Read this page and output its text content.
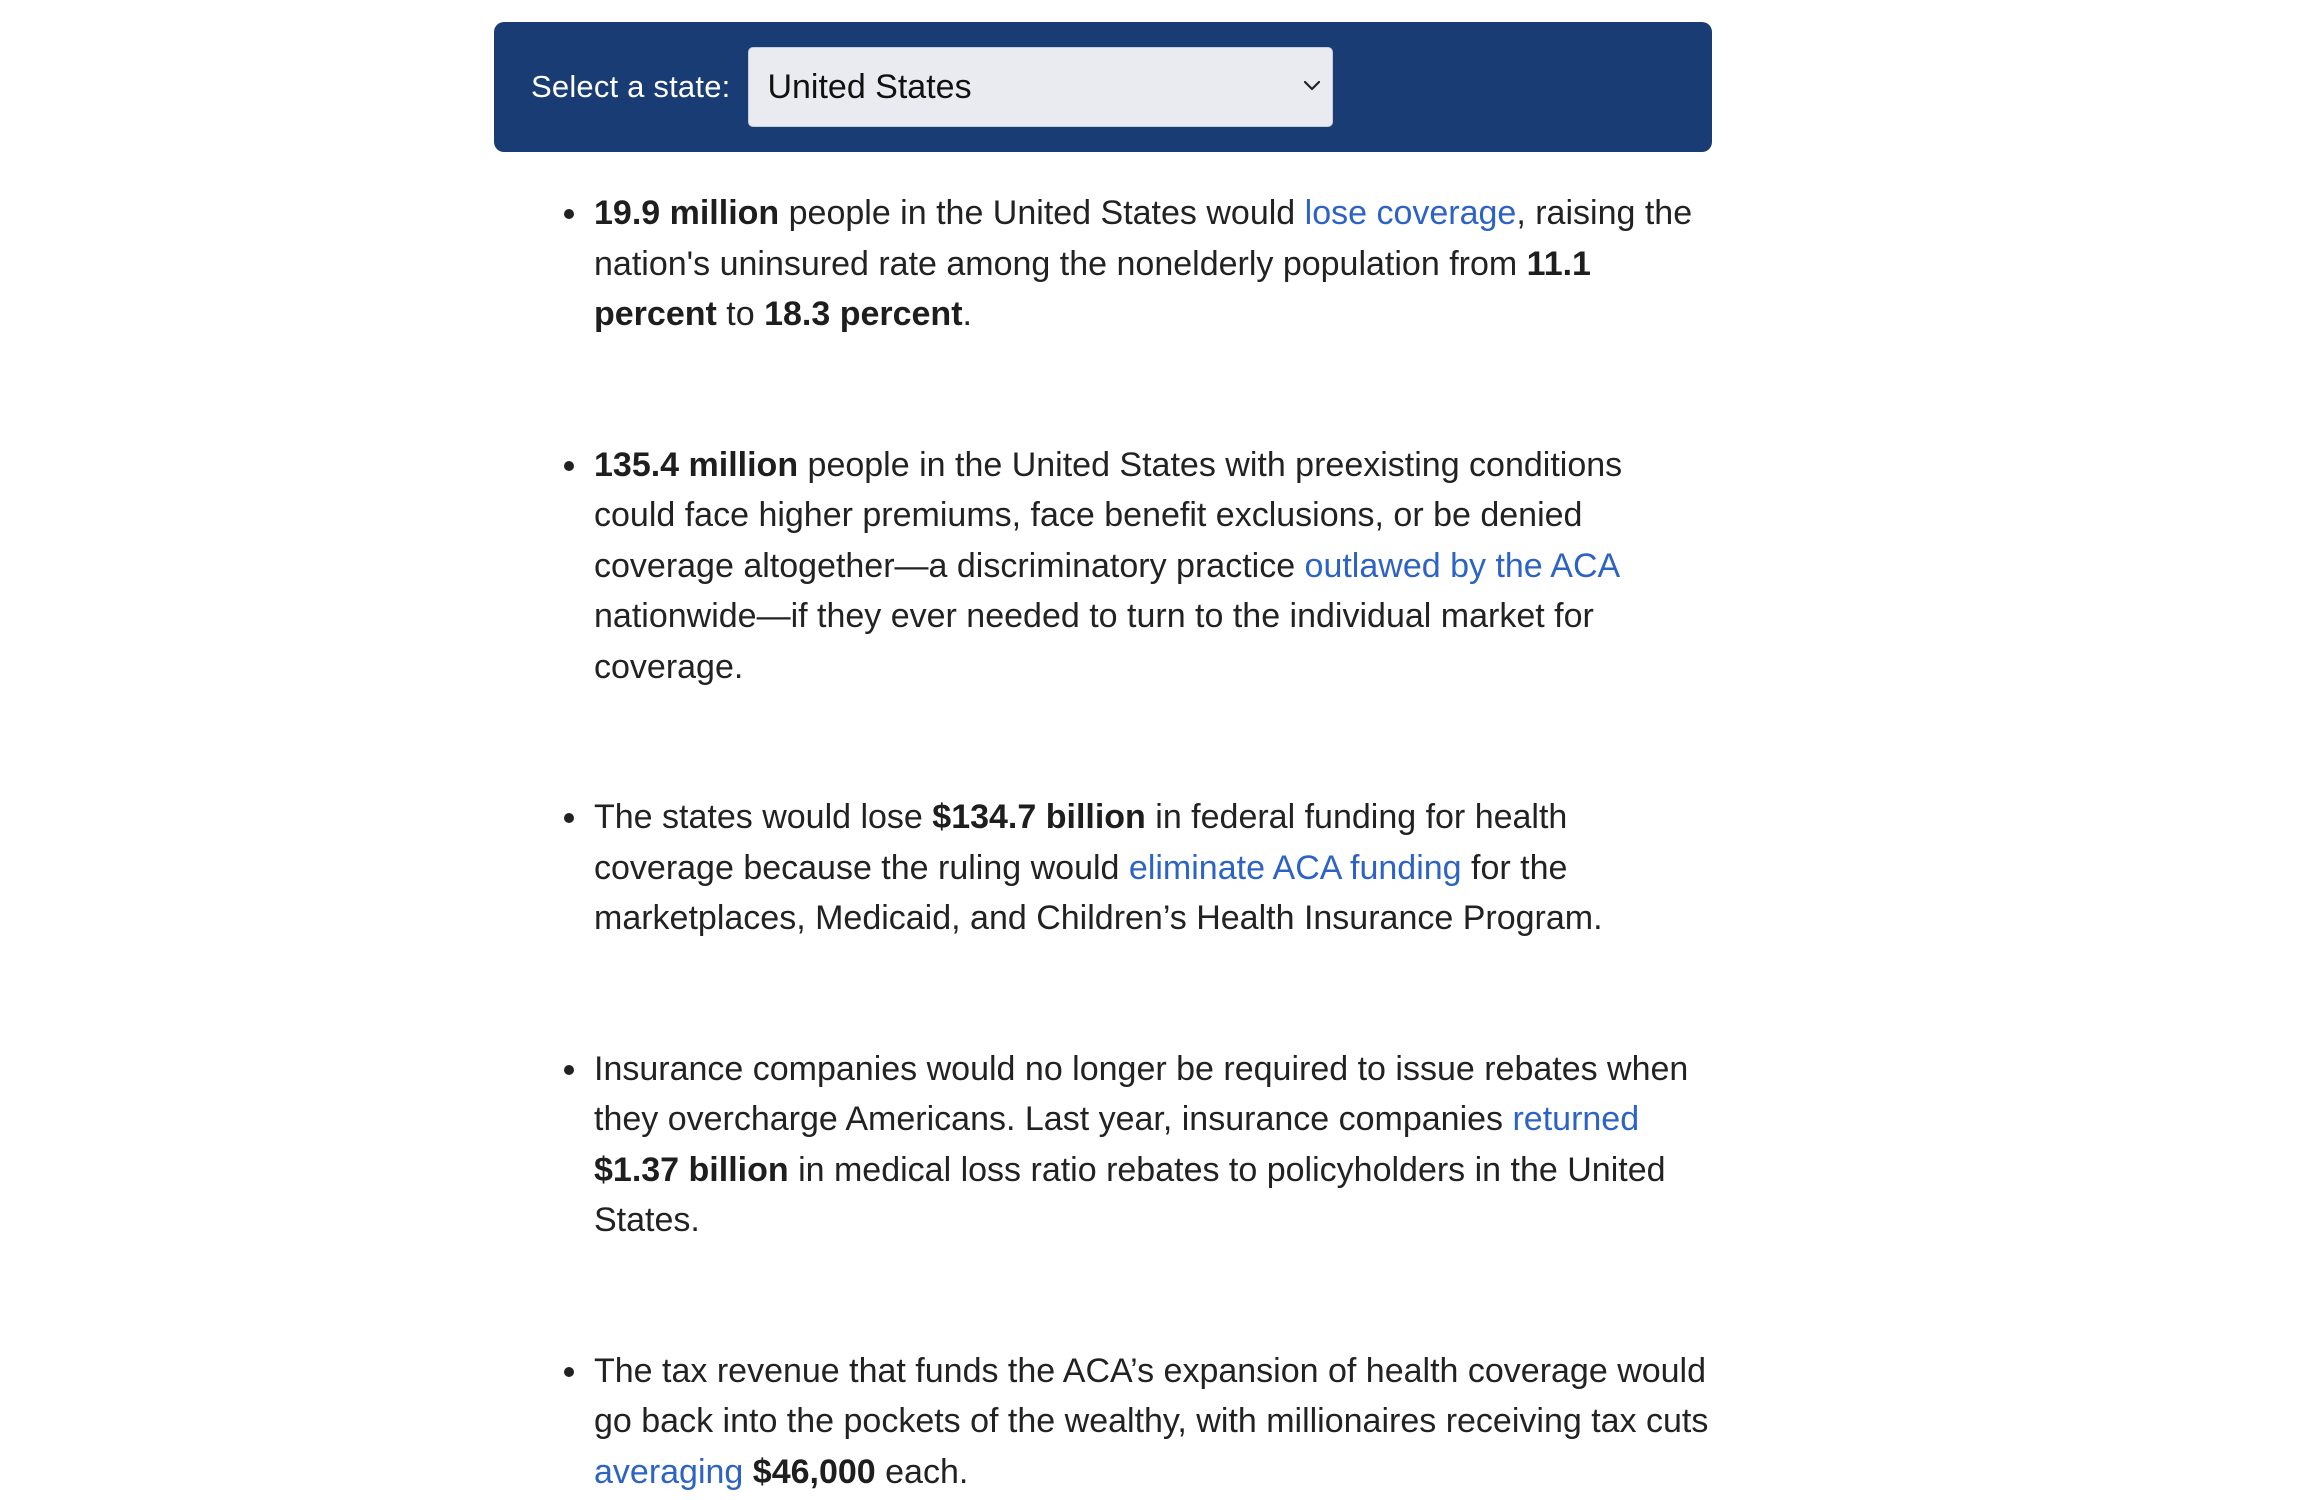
Select a state: United States
19.9 million people in the United States would lose coverage, raising the nation's uninsured rate among the nonelderly population from 11.1 percent to 18.3 percent.
135.4 million people in the United States with preexisting conditions could face higher premiums, face benefit exclusions, or be denied coverage altogether—a discriminatory practice outlawed by the ACA nationwide—if they ever needed to turn to the individual market for coverage.
The states would lose $134.7 billion in federal funding for health coverage because the ruling would eliminate ACA funding for the marketplaces, Medicaid, and Children’s Health Insurance Program.
Insurance companies would no longer be required to issue rebates when they overcharge Americans. Last year, insurance companies returned $1.37 billion in medical loss ratio rebates to policyholders in the United States.
The tax revenue that funds the ACA’s expansion of health coverage would go back into the pockets of the wealthy, with millionaires receiving tax cuts averaging $46,000 each.
